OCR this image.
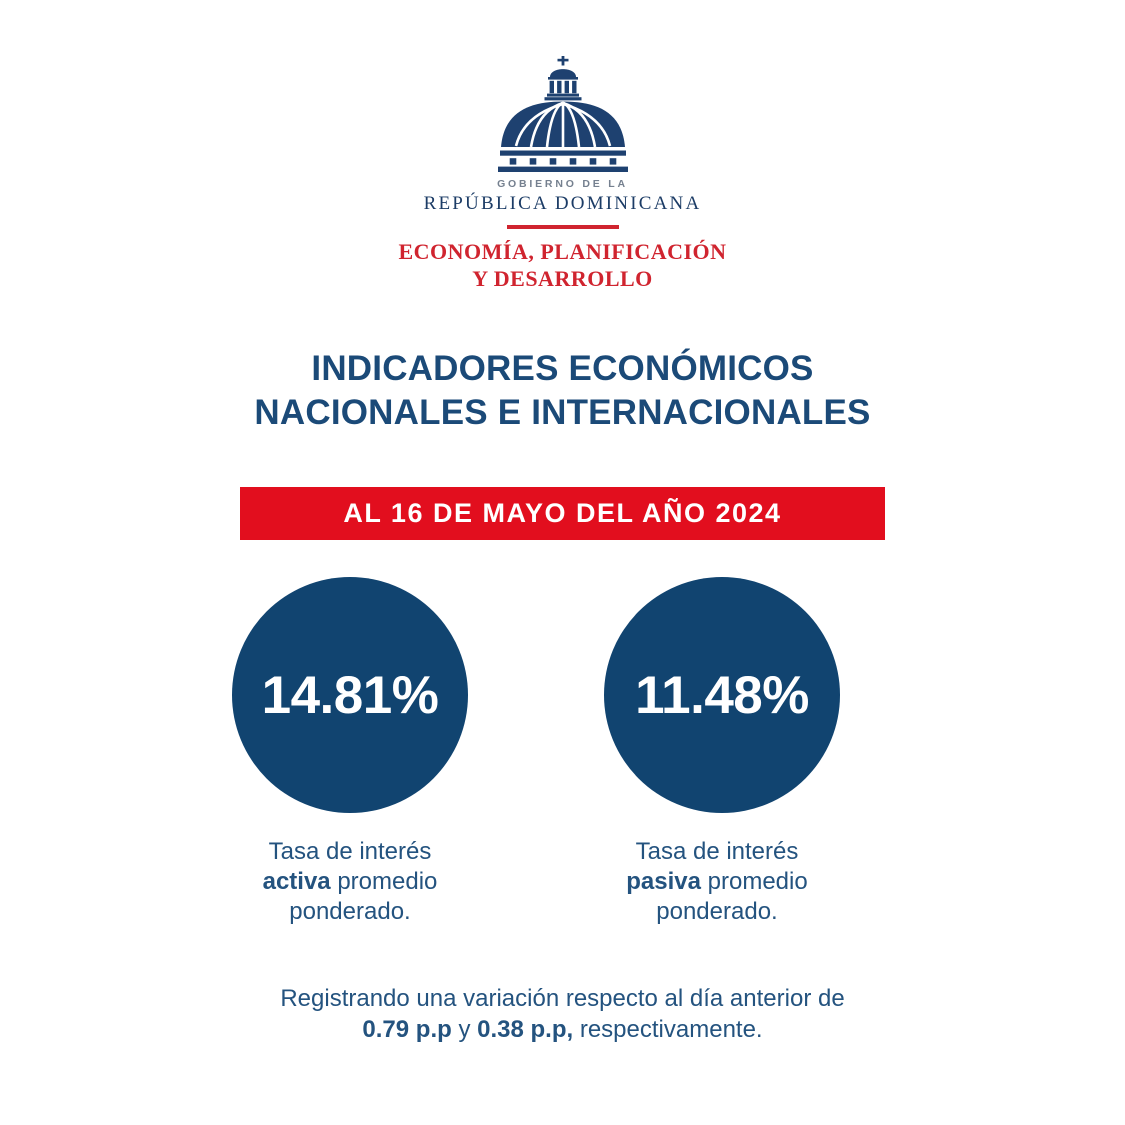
GOBIERNO DE LA
REPÚBLICA DOMINICANA
ECONOMÍA, PLANIFICACIÓN
Y DESARROLLO
INDICADORES ECONÓMICOS
NACIONALES E INTERNACIONALES
AL 16 DE MAYO DEL AÑO 2024
14.81%	11.48%
Tasa de interés
activa promedio
ponderado.
Tasa de interés
pasiva promedio
ponderado.
Registrando una variación respecto al día anterior de
0.79 p.p y 0.38 p.p, respectivamente.
